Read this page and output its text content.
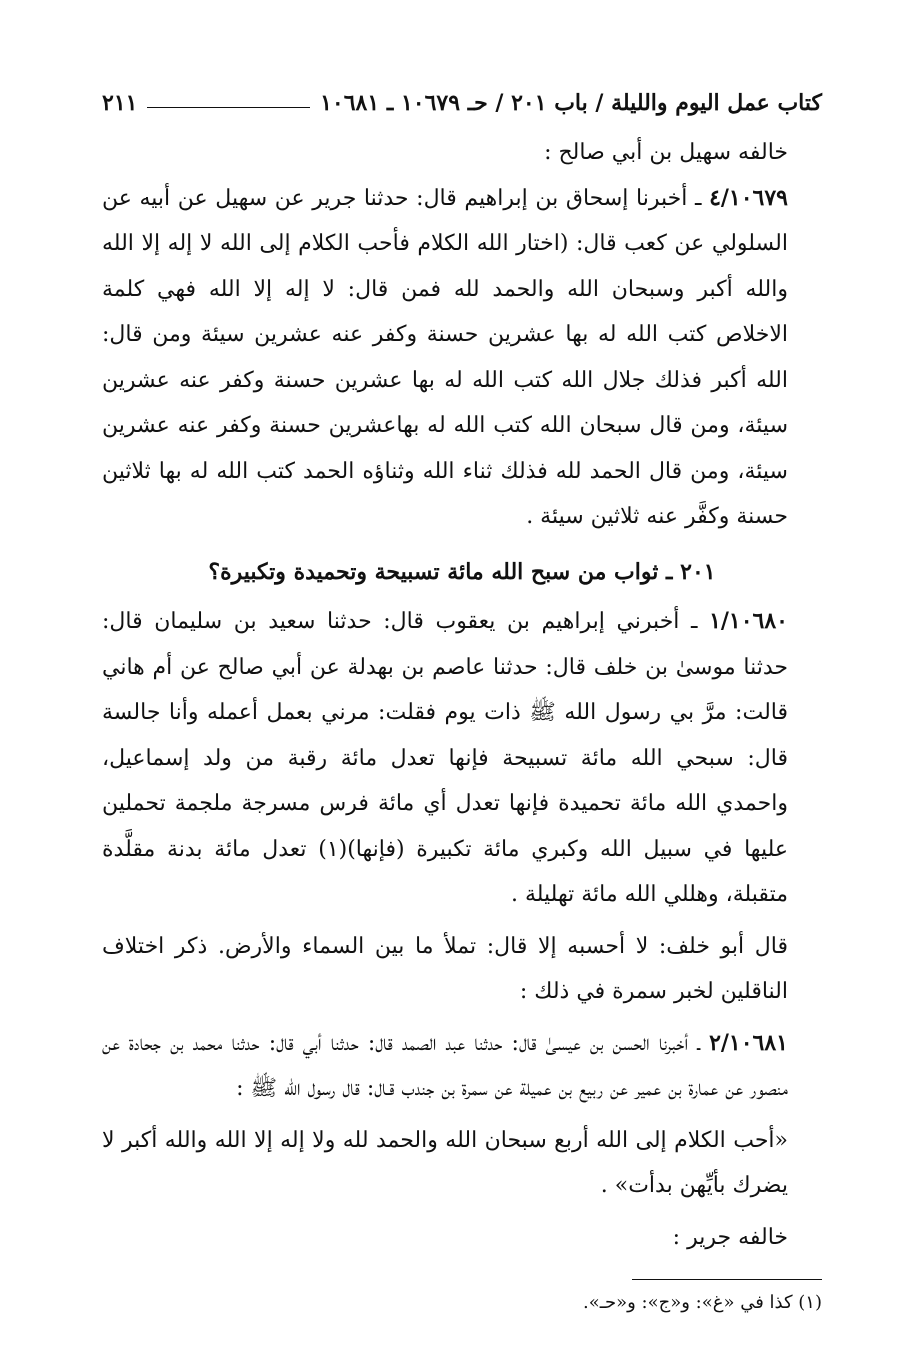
كتاب عمل اليوم والليلة / باب ٢٠١ / حـ ١٠٦٧٩ ـ ١٠٦٨١
٢١١

خالفه سهيل بن أبي صالح :

٤/١٠٦٧٩ ـ أخبرنا إسحاق بن إبراهيم قال: حدثنا جرير عن سهيل عن أبيه عن السلولي عن كعب قال: (اختار الله الكلام فأحب الكلام إلى الله لا إله إلا الله والله أكبر وسبحان الله والحمد لله فمن قال: لا إله إلا الله فهي كلمة الاخلاص كتب الله له بها عشرين حسنة وكفر عنه عشرين سيئة ومن قال: الله أكبر فذلك جلال الله كتب الله له بها عشرين حسنة وكفر عنه عشرين سيئة، ومن قال سبحان الله كتب الله له بهاعشرين حسنة وكفر عنه عشرين سيئة، ومن قال الحمد لله فذلك ثناء الله وثناؤه الحمد كتب الله له بها ثلاثين حسنة وكفَّر عنه ثلاثين سيئة .

٢٠١ ـ ثواب من سبح الله مائة تسبيحة وتحميدة وتكبيرة؟

١/١٠٦٨٠ ـ أخبرني إبراهيم بن يعقوب قال: حدثنا سعيد بن سليمان قال: حدثنا موسىٰ بن خلف قال: حدثنا عاصم بن بهدلة عن أبي صالح عن أم هاني قالت: مرَّ بي رسول الله ﷺ ذات يوم فقلت: مرني بعمل أعمله وأنا جالسة قال: سبحي الله مائة تسبيحة فإنها تعدل مائة رقبة من ولد إسماعيل، واحمدي الله مائة تحميدة فإنها تعدل أي مائة فرس مسرجة ملجمة تحملين عليها في سبيل الله وكبري مائة تكبيرة (فإنها)(١) تعدل مائة بدنة مقلَّدة متقبلة، وهللي الله مائة تهليلة .

قال أبو خلف: لا أحسبه إلا قال: تملأ ما بين السماء والأرض. ذكر اختلاف الناقلين لخبر سمرة في ذلك :

٢/١٠٦٨١ ـ أخبرنا الحسن بن عيسىٰ قال: حدثنا عبد الصمد قال: حدثنا أبي قال: حدثنا محمد بن جحادة عن منصور عن عمارة بن عمير عن ربيع بن عميلة عن سمرة بن جندب قـال: قال رسول الله ﷺ :

«أحب الكلام إلى الله أربع سبحان الله والحمد لله ولا إله إلا الله والله أكبر لا يضرك بأيِّهن بدأت» .

خالفه جرير :

(١) كذا في «غ»: و«ج»: و«حـ».
